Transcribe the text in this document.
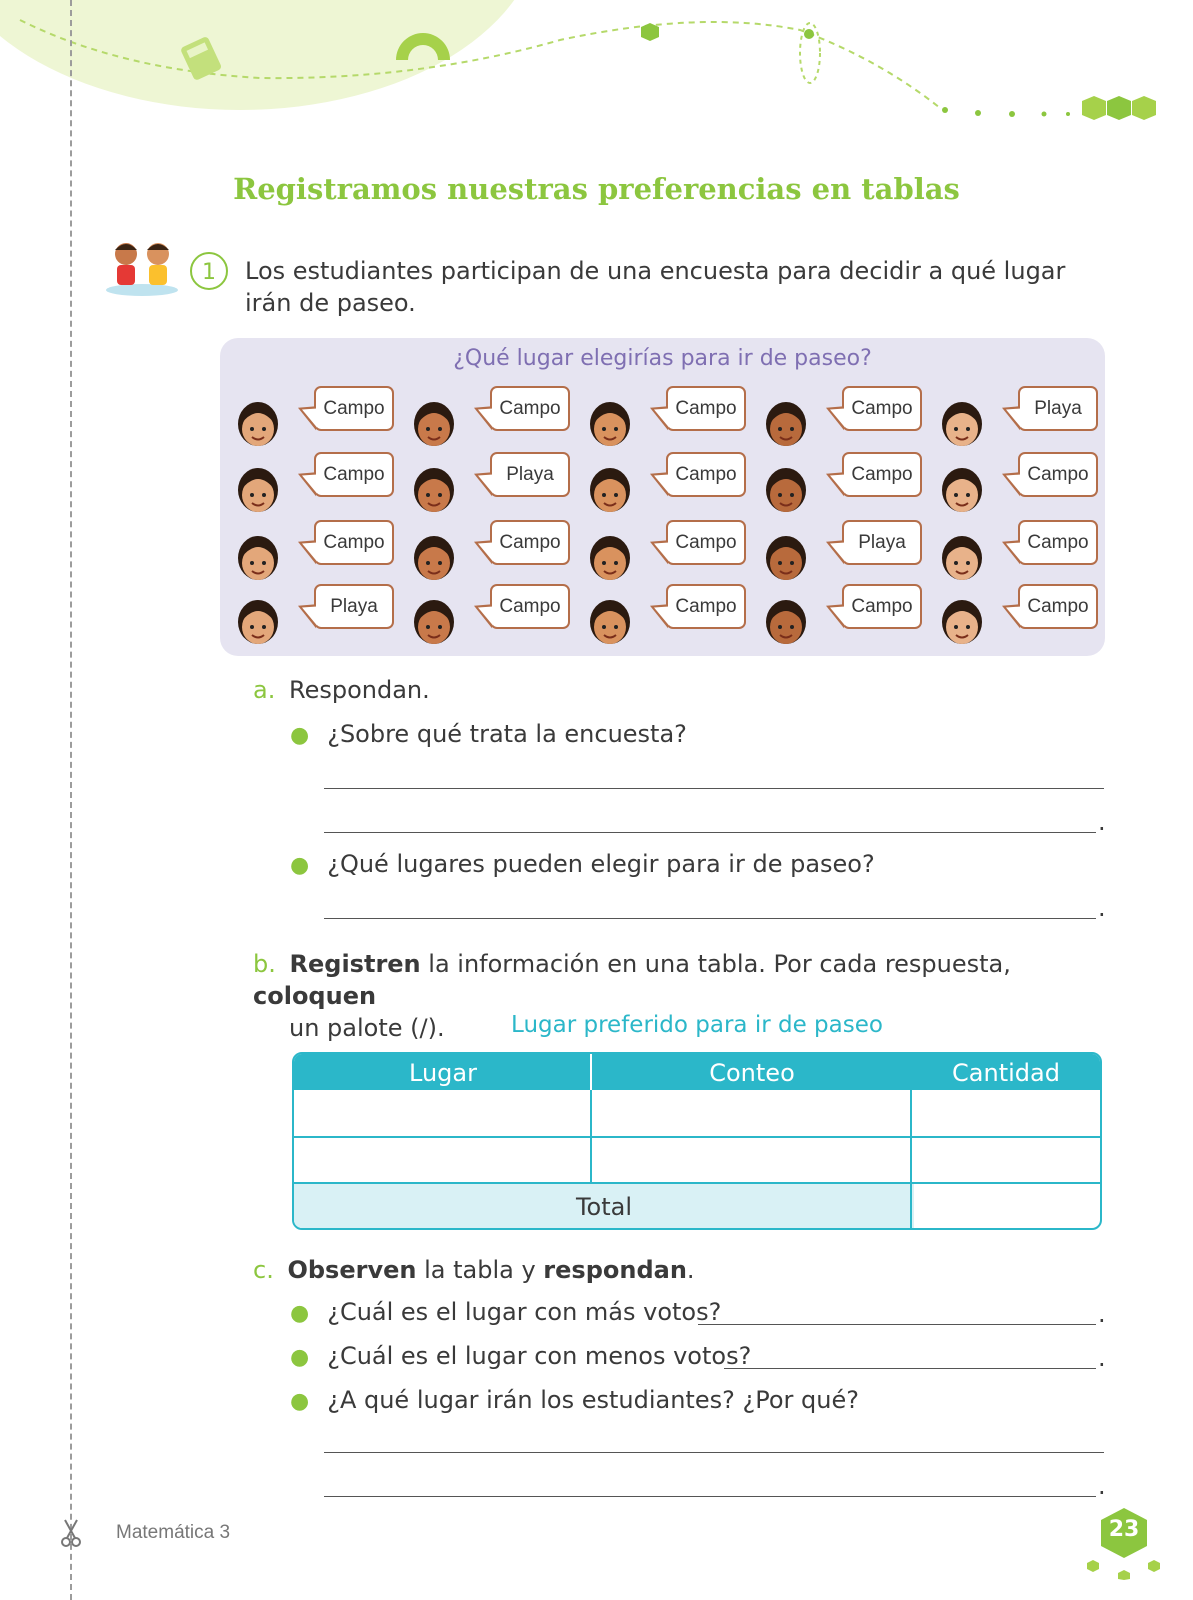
Registramos nuestras preferencias en tablas
1	Los estudiantes participan de una encuesta para decidir a qué lugar irán de paseo.
¿Qué lugar elegirías para ir de paseo?
Campo	Campo	Campo	Campo	Playa
Campo	Playa	Campo	Campo	Campo
Campo	Campo	Campo	Playa	Campo
Playa	Campo	Campo	Campo	Campo
a. Respondan.
● ¿Sobre qué trata la encuesta?
.
● ¿Qué lugares pueden elegir para ir de paseo?
.
b. Registren la información en una tabla. Por cada respuesta, coloquen
un palote (/).	Lugar preferido para ir de paseo
Lugar	Conteo	Cantidad
Total
c. Observen la tabla y respondan.
● ¿Cuál es el lugar con más votos?	.
● ¿Cuál es el lugar con menos votos?	.
● ¿A qué lugar irán los estudiantes? ¿Por qué?
.
Matemática 3	23
